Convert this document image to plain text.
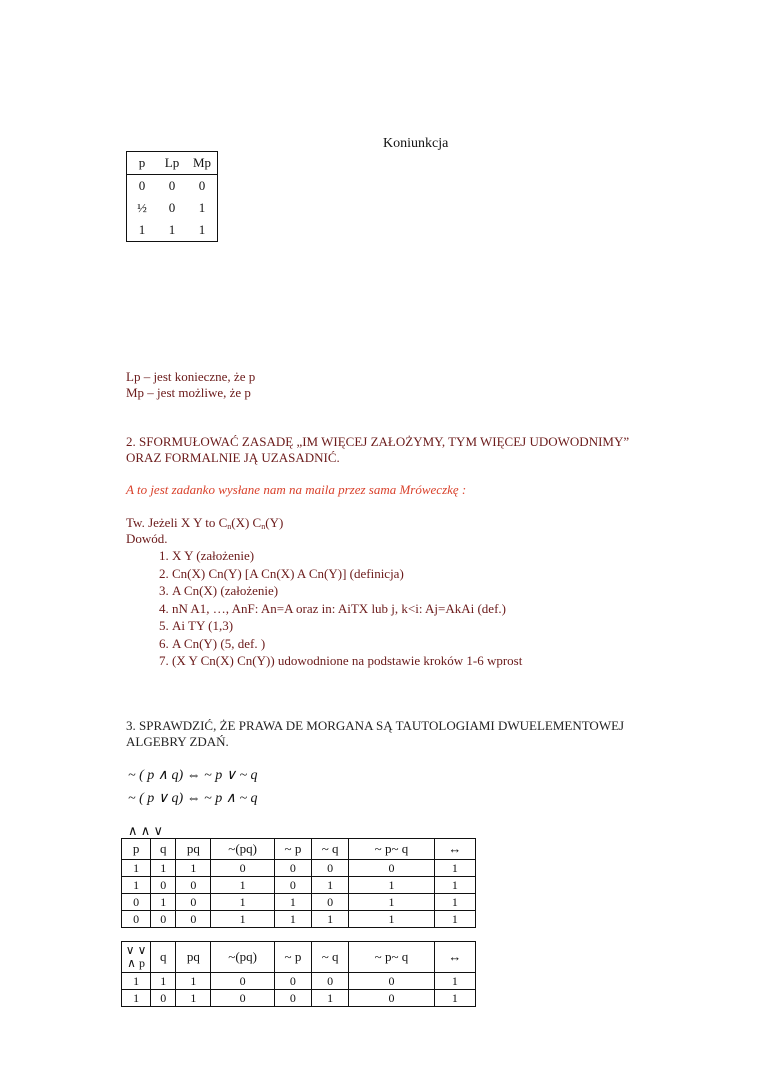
Koniunkcja
p	Lp	Mp
0	0	0
½	0	1
1	1	1
Lp – jest konieczne, że p
Mp – jest możliwe, że p
2. SFORMUŁOWAĆ ZASADĘ „IM WIĘCEJ ZAŁOŻYMY, TYM WIĘCEJ UDOWODNIMY”
ORAZ FORMALNIE JĄ UZASADNIĆ.
A to jest zadanko wysłane nam na maila przez sama Mróweczkę :
Tw. Jeżeli X Y to $C_n(X)$ $C_n(Y)$
Dowód.
1. X Y (założenie)
2. Cn(X) Cn(Y) [A Cn(X) A Cn(Y)] (definicja)
3. A Cn(X) (założenie)
4. nN A1, …, AnF: An=A oraz in: AiTX lub j, k<i: Aj=AkAi (def.)
5. Ai TY (1,3)
6. A Cn(Y) (5, def. )
7. (X Y Cn(X) Cn(Y)) udowodnione na podstawie kroków 1-6 wprost
3. SPRAWDZIĆ, ŻE PRAWA DE MORGANA SĄ TAUTOLOGIAMI DWUELEMENTOWEJ
ALGEBRY ZDAŃ.
~ ( p ∧ q) ⇔ ~ p ∨ ~ q
~ ( p ∨ q) ⇔ ~ p ∧ ~ q
∧ ∧ ∨
p	q	pq	~(pq)	~ p	~ q	~ p~ q	↔
1	1	1	0	0	0	0	1
1	0	0	1	0	1	1	1
0	1	0	1	1	0	1	1
0	0	0	1	1	1	1	1
∨ ∨
∧ p	q	pq	~(pq)	~ p	~ q	~ p~ q	↔
1	1	1	0	0	0	0	1
1	0	1	0	0	1	0	1
